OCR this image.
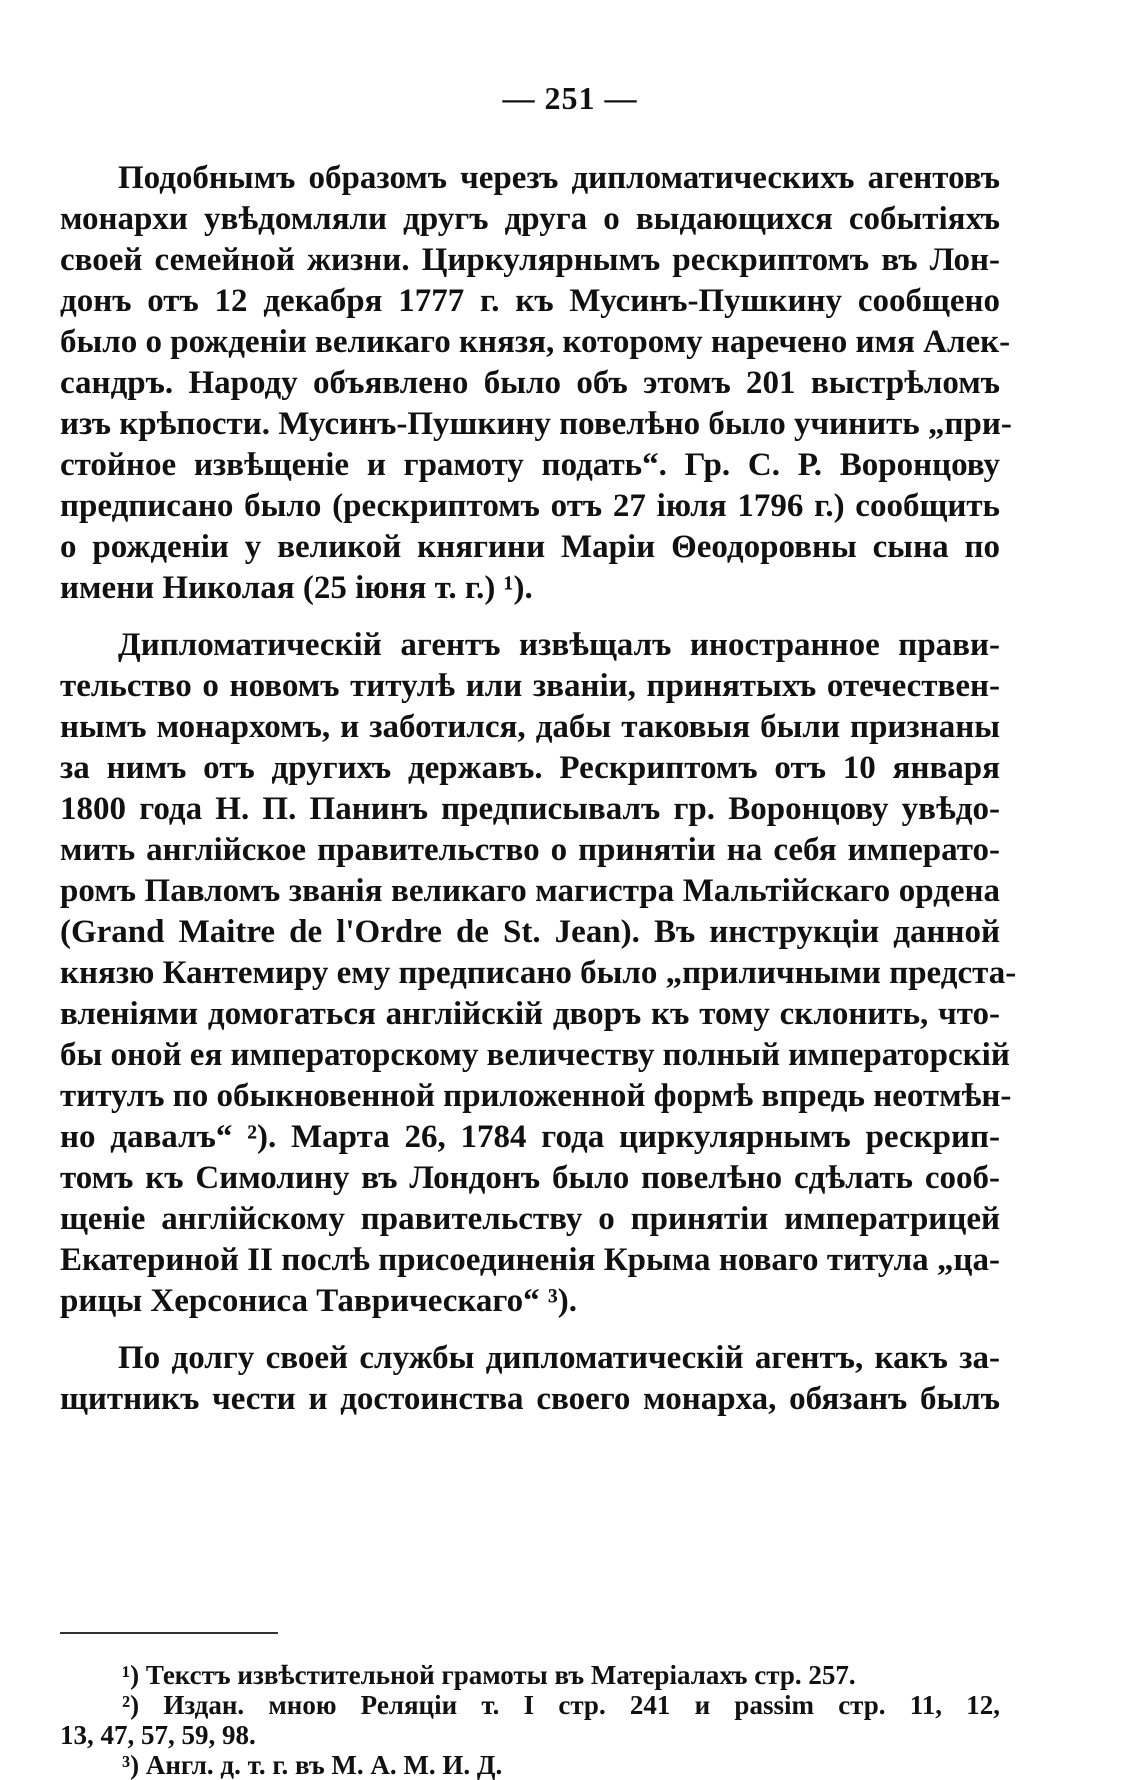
— 251 —
Подобнымъ образомъ черезъ дипломатическихъ агентовъ
монархи увѣдомляли другъ друга о выдающихся событіяхъ
своей семейной жизни. Циркулярнымъ рескриптомъ въ Лон-
донъ отъ 12 декабря 1777 г. къ Мусинъ-Пушкину сообщено
было о рожденіи великаго князя, которому наречено имя Алек-
сандръ. Народу объявлено было объ этомъ 201 выстрѣломъ
изъ крѣпости. Мусинъ-Пушкину повелѣно было учинить „при-
стойное извѣщеніе и грамоту подать“. Гр. С. Р. Воронцову
предписано было (рескриптомъ отъ 27 іюля 1796 г.) сообщить
о рожденіи у великой княгини Маріи Θеодоровны сына по
имени Николая (25 іюня т. г.) ¹).
Дипломатическій агентъ извѣщалъ иностранное прави-
тельство о новомъ титулѣ или званіи, принятыхъ отечествен-
нымъ монархомъ, и заботился, дабы таковыя были признаны
за нимъ отъ другихъ державъ. Рескриптомъ отъ 10 января
1800 года Н. П. Панинъ предписывалъ гр. Воронцову увѣдо-
мить англійское правительство о принятіи на себя императо-
ромъ Павломъ званія великаго магистра Мальтійскаго ордена
(Grand Maitre de l'Ordre de St. Jean). Въ инструкціи данной
князю Кантемиру ему предписано было „приличными предста-
вленіями домогаться англійскій дворъ къ тому склонить, что-
бы оной ея императорскому величеству полный императорскій
титулъ по обыкновенной приложенной формѣ впредь неотмѣн-
но давалъ“ ²). Марта 26, 1784 года циркулярнымъ рескрип-
томъ къ Симолину въ Лондонъ было повелѣно сдѣлать сооб-
щеніе англійскому правительству о принятіи императрицей
Екатериной II послѣ присоединенія Крыма новаго титула „ца-
рицы Херсониса Таврическаго“ ³).
По долгу своей службы дипломатическій агентъ, какъ за-
щитникъ чести и достоинства своего монарха, обязанъ былъ
¹) Текстъ извѣстительной грамоты въ Матеріалахъ стр. 257.
²) Издан. мною Реляціи т. I стр. 241 и passim стр. 11, 12,
13, 47, 57, 59, 98.
³) Англ. д. т. г. въ М. А. М. И. Д.
